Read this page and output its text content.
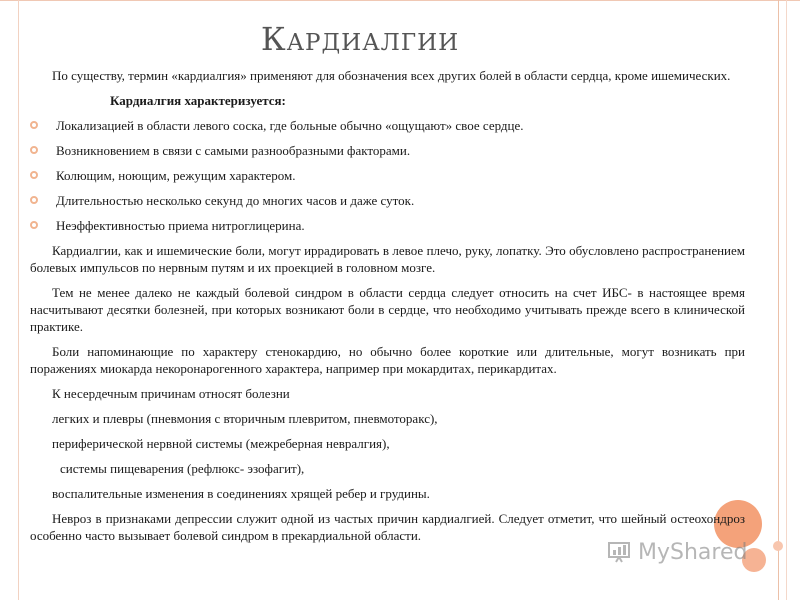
КАРДИАЛГИИ

По существу, термин «кардиалгия» применяют для обозначения всех других болей в области сердца, кроме ишемических.

Кардиалгия характеризуется:

Локализацией в области левого соска, где больные обычно «ощущают» свое сердце.
Возникновением в связи с самыми разнообразными факторами.
Колющим, ноющим, режущим характером.
Длительностью несколько секунд до многих часов и даже суток.
Неэффективностью приема нитроглицерина.

Кардиалгии, как и ишемические боли, могут иррадировать в левое плечо, руку, лопатку. Это обусловлено распространением болевых импульсов по нервным путям и их проекцией в головном мозге.

Тем не менее далеко не каждый болевой синдром в области сердца следует относить на счет ИБС- в настоящее время насчитывают десятки болезней, при которых возникают боли в сердце, что необходимо учитывать прежде всего в клинической практике.

Боли напоминающие по характеру стенокардию, но обычно более короткие или длительные, могут возникать при поражениях миокарда некоронарогенного характера, например при мокардитах, перикардитах.

К несердечным причинам относят болезни

легких и плевры (пневмония с вторичным плевритом, пневмоторакс),

периферической нервной системы (межреберная невралгия),

системы пищеварения (рефлюкс- эзофагит),

воспалительные изменения в соединениях хрящей ребер и грудины.

Невроз в признаками депрессии служит одной из частых причин кардиалгией. Следует отметит, что шейный остеохондроз особенно часто вызывает болевой синдром в прекардиальной области.

MyShared
